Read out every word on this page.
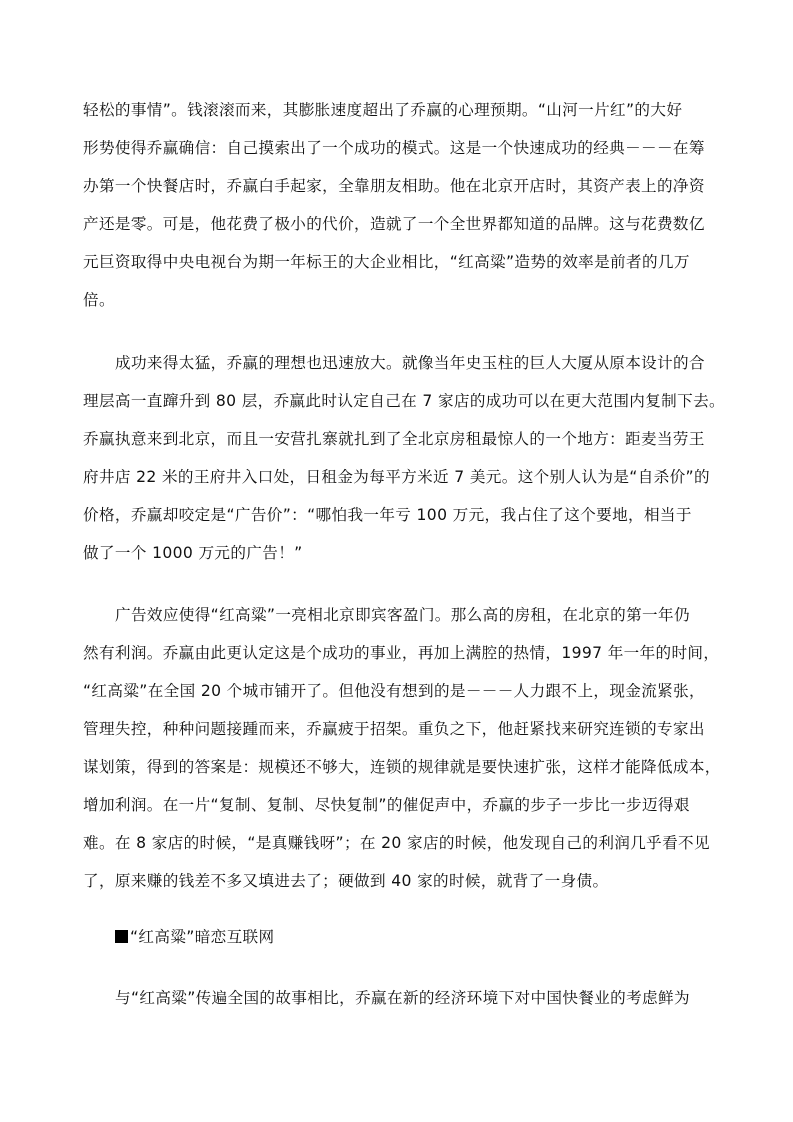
轻松的事情”。钱滚滚而来，其膨胀速度超出了乔赢的心理预期。“山河一片红”的大好
形势使得乔赢确信：自己摸索出了一个成功的模式。这是一个快速成功的经典－－－在筹
办第一个快餐店时，乔赢白手起家，全靠朋友相助。他在北京开店时，其资产表上的净资
产还是零。可是，他花费了极小的代价，造就了一个全世界都知道的品牌。这与花费数亿
元巨资取得中央电视台为期一年标王的大企业相比，“红高粱”造势的效率是前者的几万
倍。
成功来得太猛，乔赢的理想也迅速放大。就像当年史玉柱的巨人大厦从原本设计的合
理层高一直蹿升到 80 层，乔赢此时认定自己在 7 家店的成功可以在更大范围内复制下去。
乔赢执意来到北京，而且一安营扎寨就扎到了全北京房租最惊人的一个地方：距麦当劳王
府井店 22 米的王府井入口处，日租金为每平方米近 7 美元。这个别人认为是“自杀价”的
价格，乔赢却咬定是“广告价”：“哪怕我一年亏 100 万元，我占住了这个要地，相当于
做了一个 1000 万元的广告！”
广告效应使得“红高粱”一亮相北京即宾客盈门。那么高的房租，在北京的第一年仍
然有利润。乔赢由此更认定这是个成功的事业，再加上满腔的热情，1997 年一年的时间，
“红高粱”在全国 20 个城市铺开了。但他没有想到的是－－－人力跟不上，现金流紧张，
管理失控，种种问题接踵而来，乔赢疲于招架。重负之下，他赶紧找来研究连锁的专家出
谋划策，得到的答案是：规模还不够大，连锁的规律就是要快速扩张，这样才能降低成本，
增加利润。在一片“复制、复制、尽快复制”的催促声中，乔赢的步子一步比一步迈得艰
难。在 8 家店的时候，“是真赚钱呀”；在 20 家店的时候，他发现自己的利润几乎看不见
了，原来赚的钱差不多又填进去了；硬做到 40 家的时候，就背了一身债。
“红高粱”暗恋互联网
与“红高粱”传遍全国的故事相比，乔赢在新的经济环境下对中国快餐业的考虑鲜为
